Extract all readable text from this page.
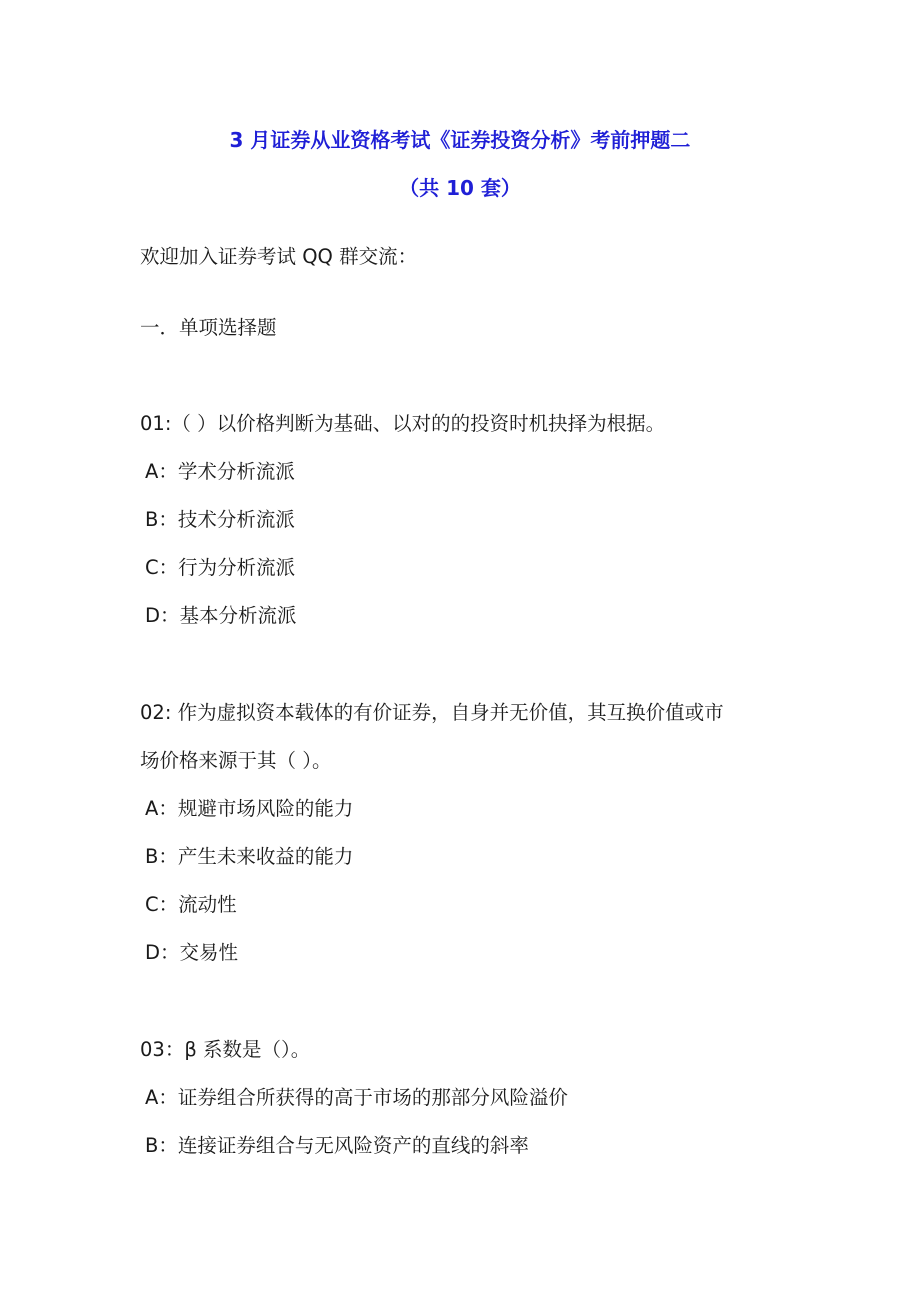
3 月证券从业资格考试《证券投资分析》考前押题二

（共 10 套）

欢迎加入证券考试 QQ 群交流：

一．单项选择题

01:（ ）以价格判断为基础、以对的的投资时机抉择为根据。

A：学术分析流派

B：技术分析流派

C：行为分析流派

D：基本分析流派

02: 作为虚拟资本载体的有价证券，自身并无价值，其互换价值或市

场价格来源于其（ ）。

A：规避市场风险的能力

B：产生未来收益的能力

C：流动性

D：交易性

03：β 系数是（）。

A：证券组合所获得的高于市场的那部分风险溢价

B：连接证券组合与无风险资产的直线的斜率
